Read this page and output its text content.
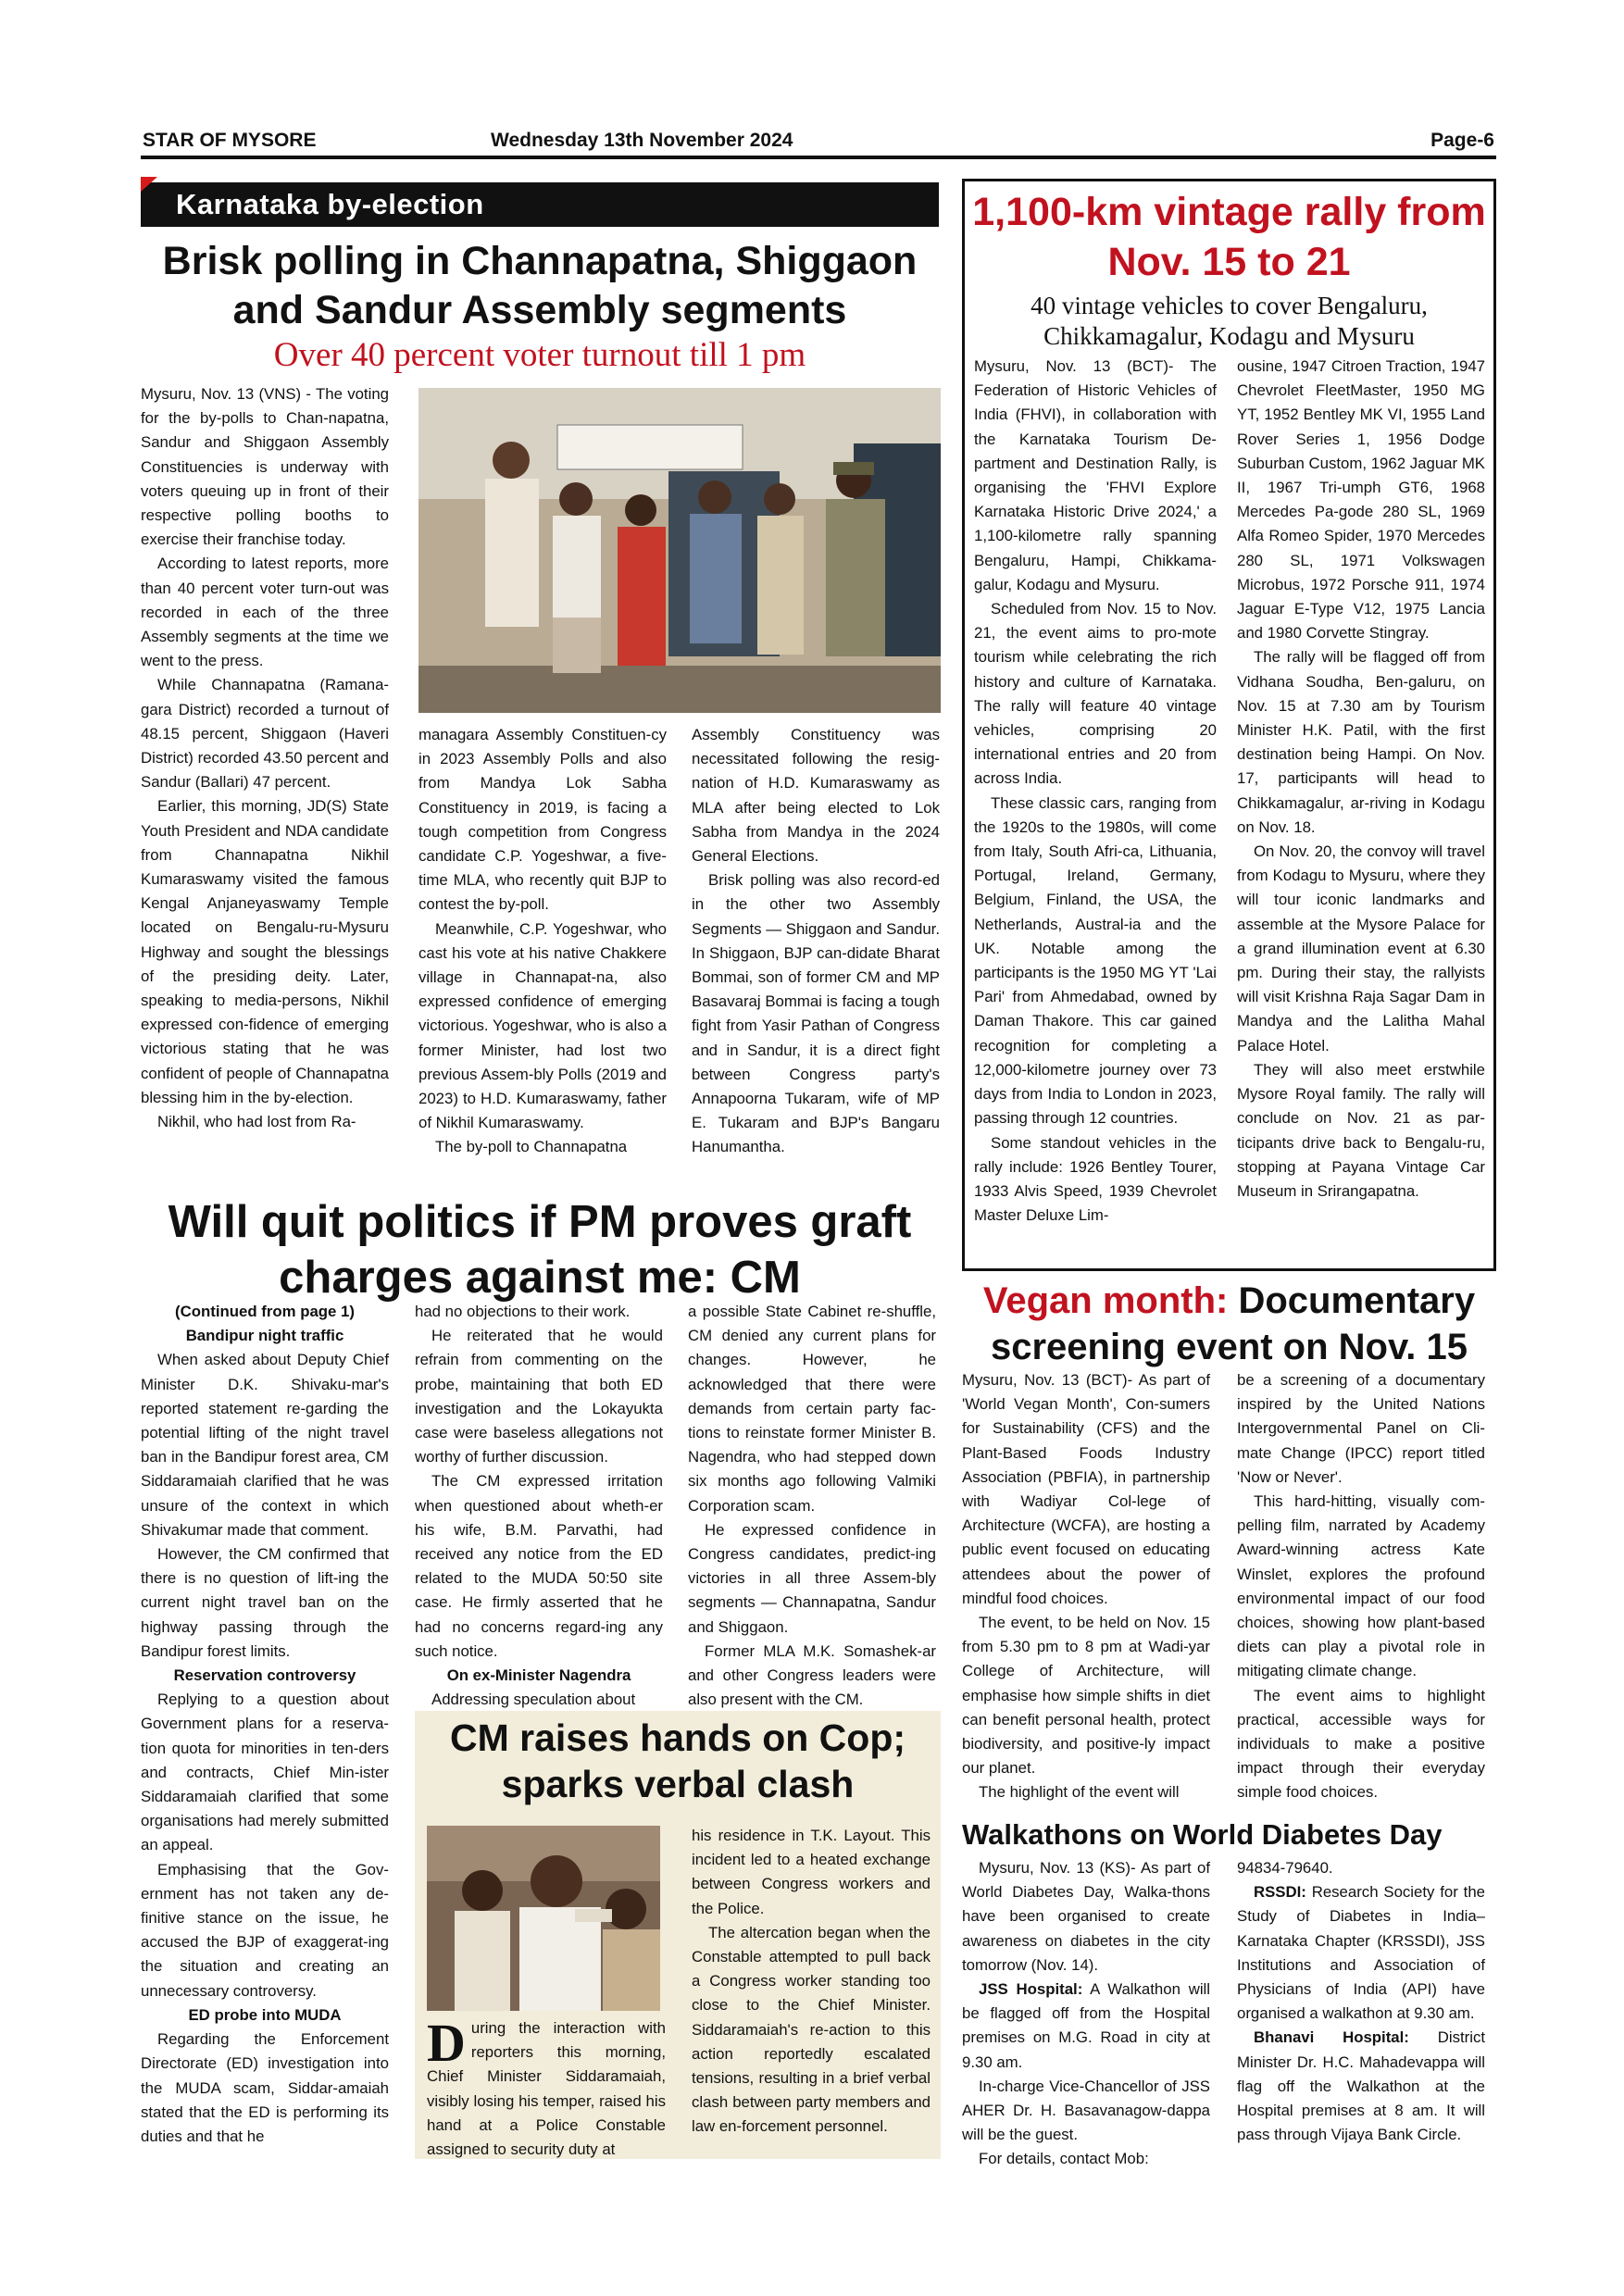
STAR OF MYSORE	Wednesday 13th November 2024	Page-6
Karnataka by-election
Brisk polling in Channapatna, Shiggaon and Sandur Assembly segments
Over 40 percent voter turnout till 1 pm

Mysuru, Nov. 13 (VNS) - The voting for the by-polls to Chan-napatna, Sandur and Shiggaon Assembly Constituencies is underway with voters queuing up in front of their respective polling booths to exercise their franchise today.

According to latest reports, more than 40 percent voter turn-out was recorded in each of the three Assembly segments at the time we went to the press.

While Channapatna (Ramana-gara District) recorded a turnout of 48.15 percent, Shiggaon (Haveri District) recorded 43.50 percent and Sandur (Ballari) 47 percent.

Earlier, this morning, JD(S) State Youth President and NDA candidate from Channapatna Nikhil Kumaraswamy visited the famous Kengal Anjaneyaswamy Temple located on Bengalu-ru-Mysuru Highway and sought the blessings of the presiding deity. Later, speaking to media-persons, Nikhil expressed con-fidence of emerging victorious stating that he was confident of people of Channapatna blessing him in the by-election.

Nikhil, who had lost from Ra-

managara Assembly Constituen-cy in 2023 Assembly Polls and also from Mandya Lok Sabha Constituency in 2019, is facing a tough competition from Congress candidate C.P. Yogeshwar, a five-time MLA, who recently quit BJP to contest the by-poll.

Meanwhile, C.P. Yogeshwar, who cast his vote at his native Chakkere village in Channapat-na, also expressed confidence of emerging victorious. Yogeshwar, who is also a former Minister, had lost two previous Assem-bly Polls (2019 and 2023) to H.D. Kumaraswamy, father of Nikhil Kumaraswamy.

The by-poll to Channapatna

Assembly Constituency was necessitated following the resig-nation of H.D. Kumaraswamy as MLA after being elected to Lok Sabha from Mandya in the 2024 General Elections.

Brisk polling was also record-ed in the other two Assembly Segments — Shiggaon and Sandur. In Shiggaon, BJP can-didate Bharat Bommai, son of former CM and MP Basavaraj Bommai is facing a tough fight from Yasir Pathan of Congress and in Sandur, it is a direct fight between Congress party's Annapoorna Tukaram, wife of MP E. Tukaram and BJP's Bangaru Hanumantha.

Will quit politics if PM proves graft charges against me: CM

(Continued from page 1)

Bandipur night traffic

When asked about Deputy Chief Minister D.K. Shivaku-mar's reported statement re-garding the potential lifting of the night travel ban in the Bandipur forest area, CM Siddaramaiah clarified that he was unsure of the context in which Shivakumar made that comment.

However, the CM confirmed that there is no question of lift-ing the current night travel ban on the highway passing through the Bandipur forest limits.

Reservation controversy

Replying to a question about Government plans for a reserva-tion quota for minorities in ten-ders and contracts, Chief Min-ister Siddaramaiah clarified that some organisations had merely submitted an appeal.

Emphasising that the Gov-ernment has not taken any de-finitive stance on the issue, he accused the BJP of exaggerat-ing the situation and creating an unnecessary controversy.

ED probe into MUDA

Regarding the Enforcement Directorate (ED) investigation into the MUDA scam, Siddar-amaiah stated that the ED is performing its duties and that he

had no objections to their work.

He reiterated that he would refrain from commenting on the probe, maintaining that both ED investigation and the Lokayukta case were baseless allegations not worthy of further discussion.

The CM expressed irritation when questioned about wheth-er his wife, B.M. Parvathi, had received any notice from the ED related to the MUDA 50:50 site case. He firmly asserted that he had no concerns regard-ing any such notice.

On ex-Minister Nagendra

Addressing speculation about

a possible State Cabinet re-shuffle, CM denied any current plans for changes. However, he acknowledged that there were demands from certain party fac-tions to reinstate former Minister B. Nagendra, who had stepped down six months ago following Valmiki Corporation scam.

He expressed confidence in Congress candidates, predict-ing victories in all three Assem-bly segments — Channapatna, Sandur and Shiggaon.

Former MLA M.K. Somashek-ar and other Congress leaders were also present with the CM.

CM raises hands on Cop; sparks verbal clash

During the interaction with reporters this morning, Chief Minister Siddaramaiah, visibly losing his temper, raised his hand at a Police Constable assigned to security duty at

his residence in T.K. Layout. This incident led to a heated exchange between Congress workers and the Police.

The altercation began when the Constable attempted to pull back a Congress worker standing too close to the Chief Minister. Siddaramaiah's re-action to this action reportedly escalated tensions, resulting in a brief verbal clash between party members and law en-forcement personnel.

1,100-km vintage rally from Nov. 15 to 21
40 vintage vehicles to cover Bengaluru, Chikkamagalur, Kodagu and Mysuru

Mysuru, Nov. 13 (BCT)- The Federation of Historic Vehicles of India (FHVI), in collaboration with the Karnataka Tourism De-partment and Destination Rally, is organising the 'FHVI Explore Karnataka Historic Drive 2024,' a 1,100-kilometre rally spanning Bengaluru, Hampi, Chikkama-galur, Kodagu and Mysuru.

Scheduled from Nov. 15 to Nov. 21, the event aims to pro-mote tourism while celebrating the rich history and culture of Karnataka. The rally will feature 40 vintage vehicles, comprising 20 international entries and 20 from across India.

These classic cars, ranging from the 1920s to the 1980s, will come from Italy, South Afri-ca, Lithuania, Portugal, Ireland, Germany, Belgium, Finland, the USA, the Netherlands, Austral-ia and the UK. Notable among the participants is the 1950 MG YT 'Lai Pari' from Ahmedabad, owned by Daman Thakore. This car gained recognition for completing a 12,000-kilometre journey over 73 days from India to London in 2023, passing through 12 countries.

Some standout vehicles in the rally include: 1926 Bentley Tourer, 1933 Alvis Speed, 1939 Chevrolet Master Deluxe Lim-

ousine, 1947 Citroen Traction, 1947 Chevrolet FleetMaster, 1950 MG YT, 1952 Bentley MK VI, 1955 Land Rover Series 1, 1956 Dodge Suburban Custom, 1962 Jaguar MK II, 1967 Tri-umph GT6, 1968 Mercedes Pa-gode 280 SL, 1969 Alfa Romeo Spider, 1970 Mercedes 280 SL, 1971 Volkswagen Microbus, 1972 Porsche 911, 1974 Jaguar E-Type V12, 1975 Lancia and 1980 Corvette Stingray.

The rally will be flagged off from Vidhana Soudha, Ben-galuru, on Nov. 15 at 7.30 am by Tourism Minister H.K. Patil, with the first destination being Hampi. On Nov. 17, participants will head to Chikkamagalur, ar-riving in Kodagu on Nov. 18.

On Nov. 20, the convoy will travel from Kodagu to Mysuru, where they will tour iconic landmarks and assemble at the Mysore Palace for a grand illumination event at 6.30 pm. During their stay, the rallyists will visit Krishna Raja Sagar Dam in Mandya and the Lalitha Mahal Palace Hotel.

They will also meet erstwhile Mysore Royal family. The rally will conclude on Nov. 21 as par-ticipants drive back to Bengalu-ru, stopping at Payana Vintage Car Museum in Srirangapatna.

Vegan month: Documentary screening event on Nov. 15

Mysuru, Nov. 13 (BCT)- As part of 'World Vegan Month', Con-sumers for Sustainability (CFS) and the Plant-Based Foods Industry Association (PBFIA), in partnership with Wadiyar Col-lege of Architecture (WCFA), are hosting a public event focused on educating attendees about the power of mindful food choices.

The event, to be held on Nov. 15 from 5.30 pm to 8 pm at Wadi-yar College of Architecture, will emphasise how simple shifts in diet can benefit personal health, protect biodiversity, and positive-ly impact our planet.

The highlight of the event will

be a screening of a documentary inspired by the United Nations Intergovernmental Panel on Cli-mate Change (IPCC) report titled 'Now or Never'.

This hard-hitting, visually com-pelling film, narrated by Academy Award-winning actress Kate Winslet, explores the profound environmental impact of our food choices, showing how plant-based diets can play a pivotal role in mitigating climate change.

The event aims to highlight practical, accessible ways for individuals to make a positive impact through their everyday simple food choices.

Walkathons on World Diabetes Day

Mysuru, Nov. 13 (KS)- As part of World Diabetes Day, Walka-thons have been organised to create awareness on diabetes in the city tomorrow (Nov. 14).

JSS Hospital: A Walkathon will be flagged off from the Hospital premises on M.G. Road in city at 9.30 am.

In-charge Vice-Chancellor of JSS AHER Dr. H. Basavanagow-dappa will be the guest.

For details, contact Mob:

94834-79640.

RSSDI: Research Society for the Study of Diabetes in India–Karnataka Chapter (KRSSDI), JSS Institutions and Association of Physicians of India (API) have organised a walkathon at 9.30 am.

Bhanavi Hospital: District Minister Dr. H.C. Mahadevappa will flag off the Walkathon at the Hospital premises at 8 am. It will pass through Vijaya Bank Circle.
